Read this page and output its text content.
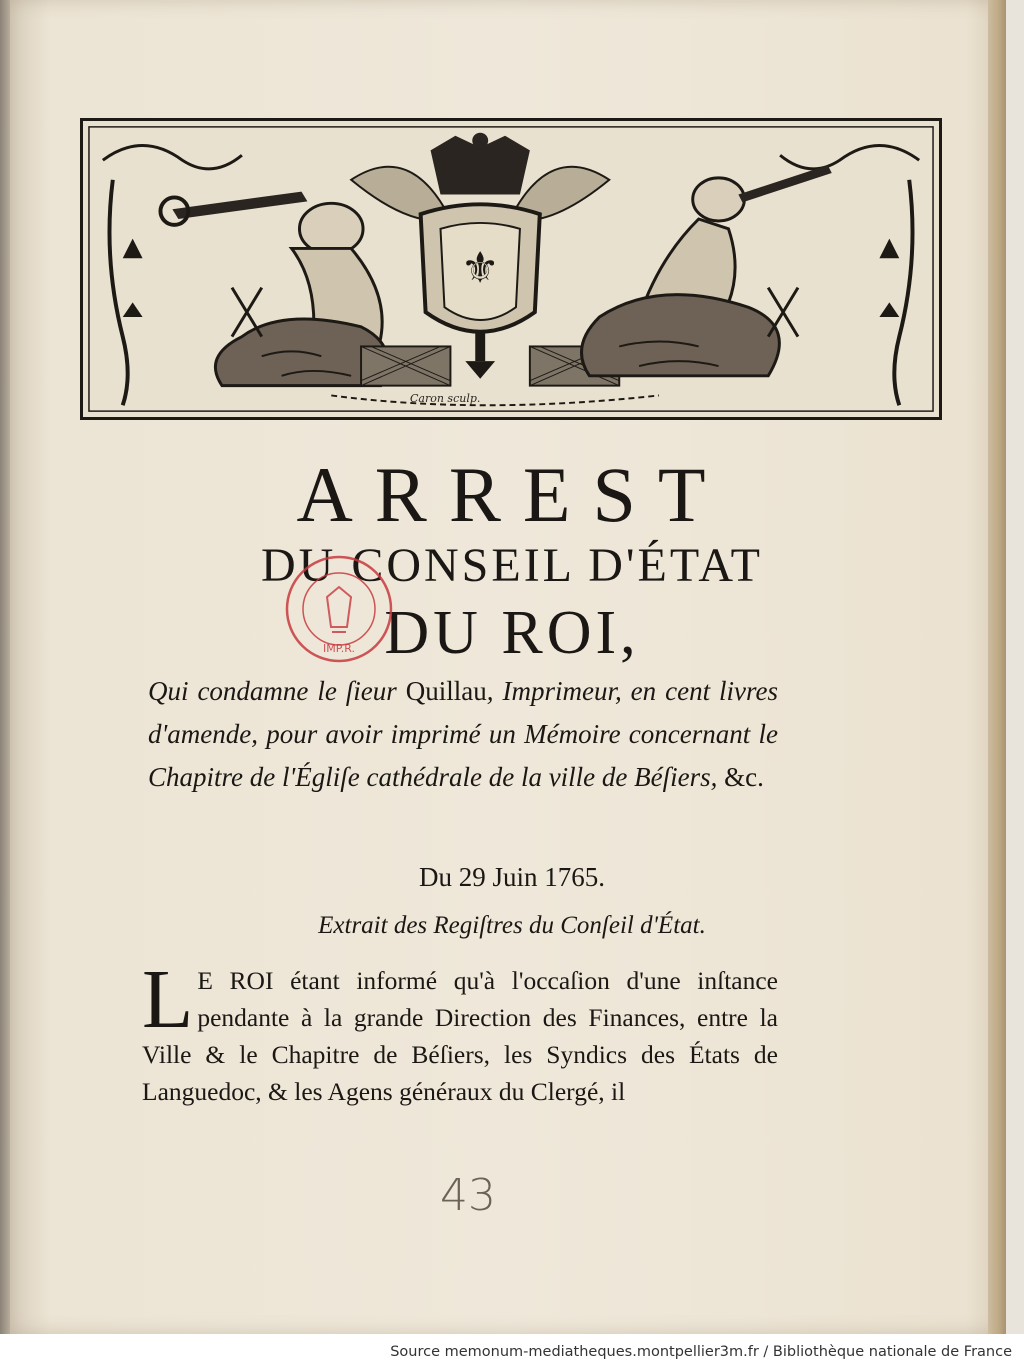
⚜
Caron sculp.
ARREST
DU CONSEIL D'ÉTAT
DU ROI,
IMP.R.
Qui condamne le ſieur Quillau, Imprimeur, en cent livres d'amende, pour avoir imprimé un Mémoire concernant le Chapitre de l'Égliſe cathédrale de la ville de Béſiers, &c.
Du 29 Juin 1765.
Extrait des Regiſtres du Conſeil d'État.
L E ROI étant informé qu'à l'occaſion d'une inſtance pendante à la grande Direction des Finances, entre la Ville & le Chapitre de Béſiers, les Syndics des États de Languedoc, & les Agens généraux du Clergé, il
43
Source memonum-mediatheques.montpellier3m.fr / Bibliothèque nationale de France
